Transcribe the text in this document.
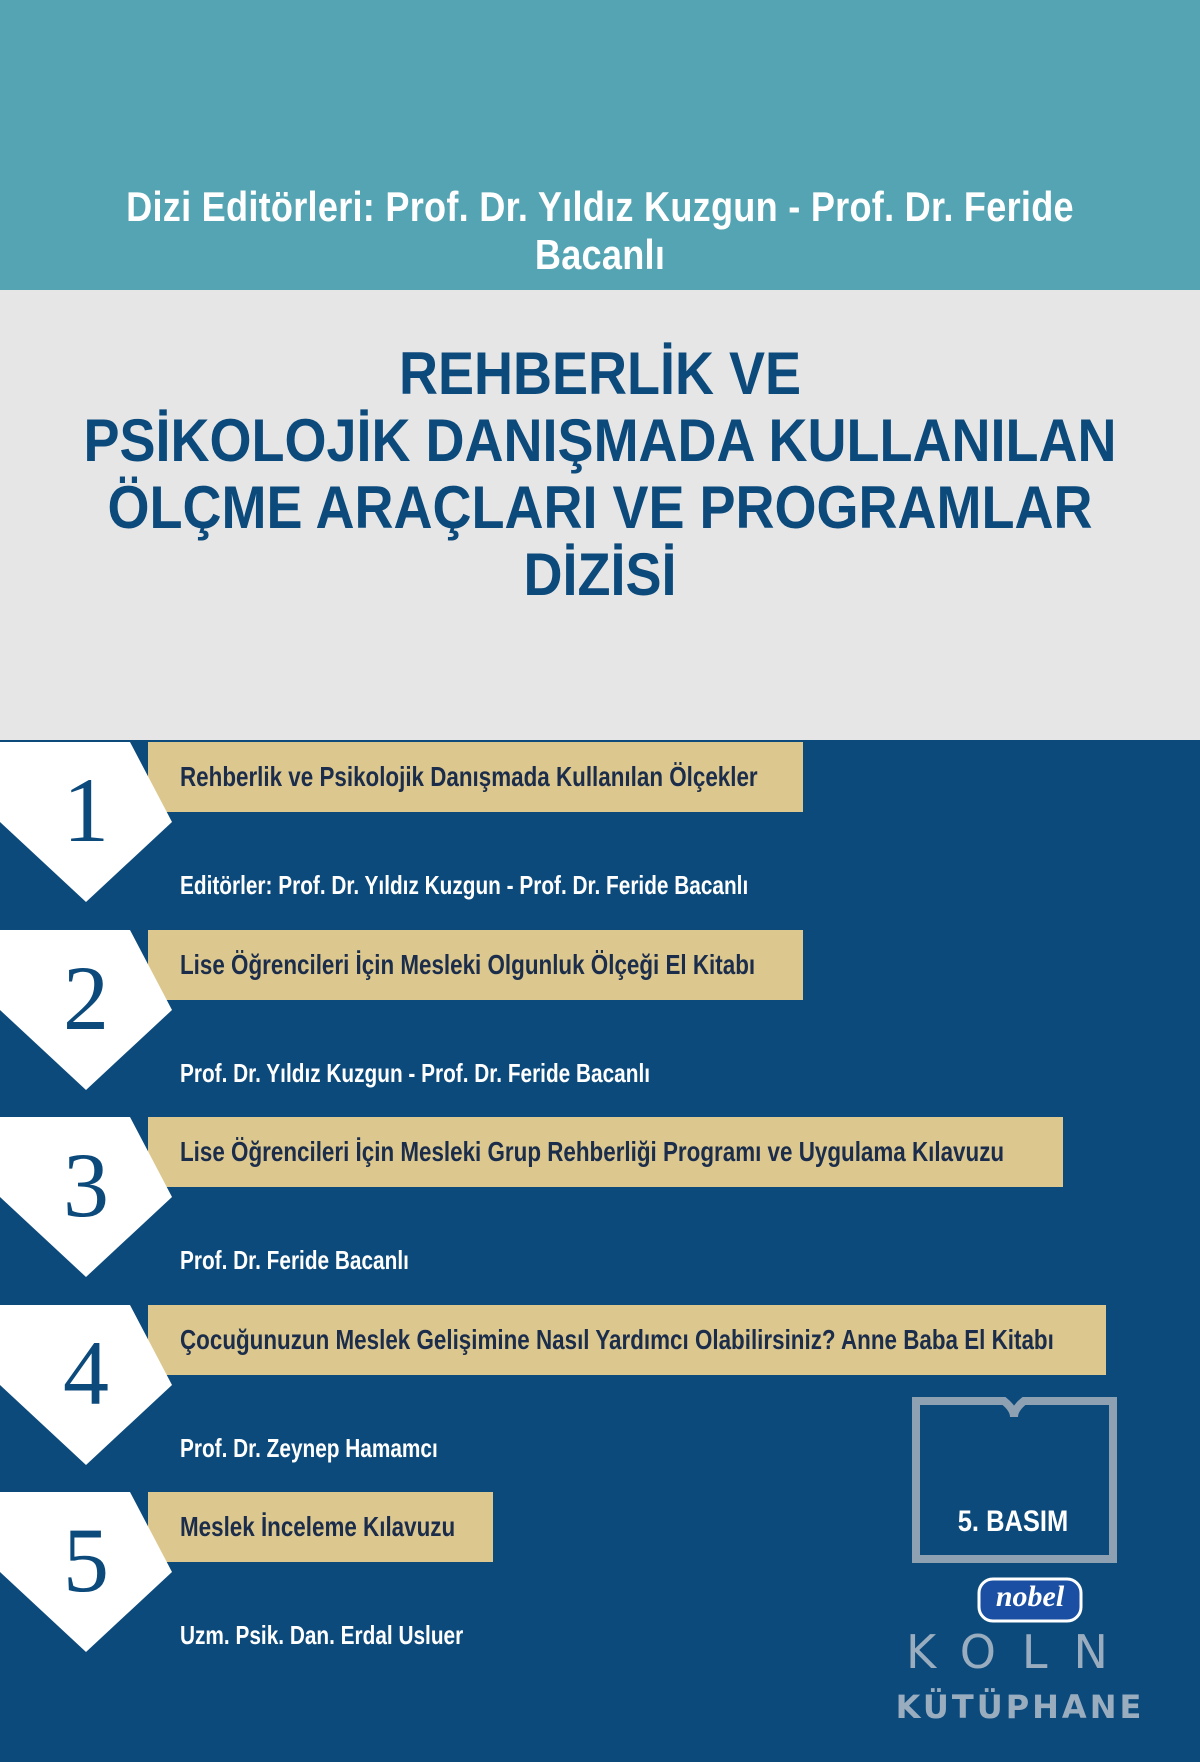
Dizi Editörleri: Prof. Dr. Yıldız Kuzgun - Prof. Dr. Feride Bacanlı
REHBERLİK VE
PSİKOLOJİK DANIŞMADA KULLANILAN
ÖLÇME ARAÇLARI VE PROGRAMLAR
DİZİSİ
1	Rehberlik ve Psikolojik Danışmada Kullanılan Ölçekler
Editörler: Prof. Dr. Yıldız Kuzgun - Prof. Dr. Feride Bacanlı
2	Lise Öğrencileri İçin Mesleki Olgunluk Ölçeği El Kitabı
Prof. Dr. Yıldız Kuzgun - Prof. Dr. Feride Bacanlı
3	Lise Öğrencileri İçin Mesleki Grup Rehberliği Programı ve Uygulama Kılavuzu
Prof. Dr. Feride Bacanlı
4	Çocuğunuzun Meslek Gelişimine Nasıl Yardımcı Olabilirsiniz? Anne Baba El Kitabı
Prof. Dr. Zeynep Hamamcı
5	Meslek İnceleme Kılavuzu
Uzm. Psik. Dan. Erdal Usluer
5. BASIM
nobel
KOLN
KÜTÜPHANE
